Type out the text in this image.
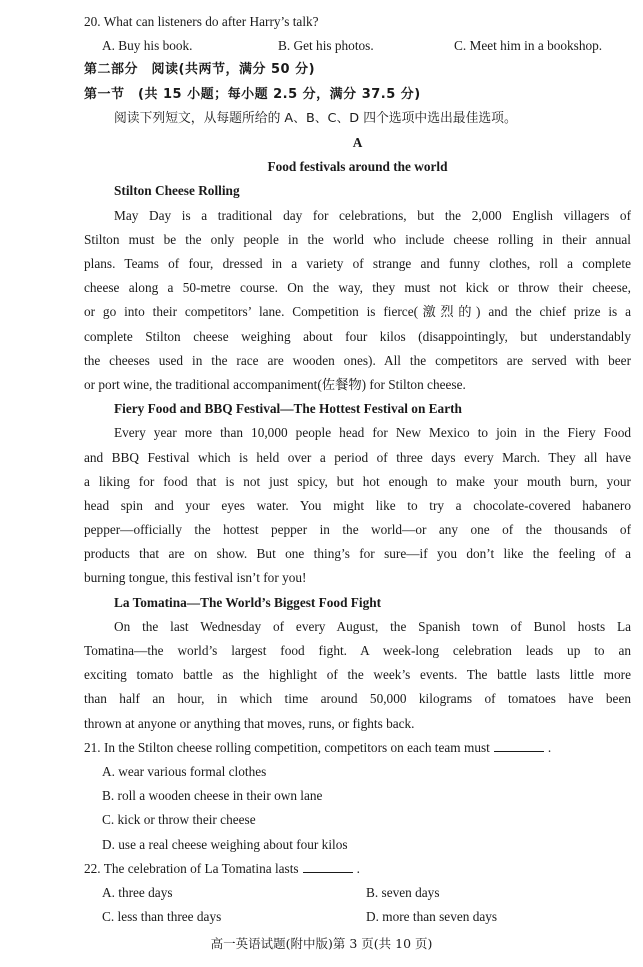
20. What can listeners do after Harry’s talk?
A. Buy his book.	B. Get his photos.	C. Meet him in a bookshop.
第二部分　阅读(共两节，满分 50 分)
第一节　(共 15 小题；每小题 2.5 分，满分 37.5 分)
阅读下列短文，从每题所给的 A、B、C、D 四个选项中选出最佳选项。
A
Food festivals around the world
Stilton Cheese Rolling
May Day is a traditional day for celebrations, but the 2,000 English villagers of
Stilton must be the only people in the world who include cheese rolling in their annual
plans. Teams of four, dressed in a variety of strange and funny clothes, roll a complete
cheese along a 50-metre course. On the way, they must not kick or throw their cheese,
or go into their competitors’ lane. Competition is fierce(激烈的) and the chief prize is a
complete Stilton cheese weighing about four kilos (disappointingly, but understandably
the cheeses used in the race are wooden ones). All the competitors are served with beer
or port wine, the traditional accompaniment(佐餐物) for Stilton cheese.
Fiery Food and BBQ Festival—The Hottest Festival on Earth
Every year more than 10,000 people head for New Mexico to join in the Fiery Food
and BBQ Festival which is held over a period of three days every March. They all have
a liking for food that is not just spicy, but hot enough to make your mouth burn, your
head spin and your eyes water. You might like to try a chocolate-covered habanero
pepper—officially the hottest pepper in the world—or any one of the thousands of
products that are on show. But one thing’s for sure—if you don’t like the feeling of a
burning tongue, this festival isn’t for you!
La Tomatina—The World’s Biggest Food Fight
On the last Wednesday of every August, the Spanish town of Bunol hosts La
Tomatina—the world’s largest food fight. A week-long celebration leads up to an
exciting tomato battle as the highlight of the week’s events. The battle lasts little more
than half an hour, in which time around 50,000 kilograms of tomatoes have been
thrown at anyone or anything that moves, runs, or fights back.
21. In the Stilton cheese rolling competition, competitors on each team must	.
A. wear various formal clothes
B. roll a wooden cheese in their own lane
C. kick or throw their cheese
D. use a real cheese weighing about four kilos
22. The celebration of La Tomatina lasts	.
A. three days	B. seven days
C. less than three days	D. more than seven days
高一英语试题(附中版)第 3 页(共 10 页)
